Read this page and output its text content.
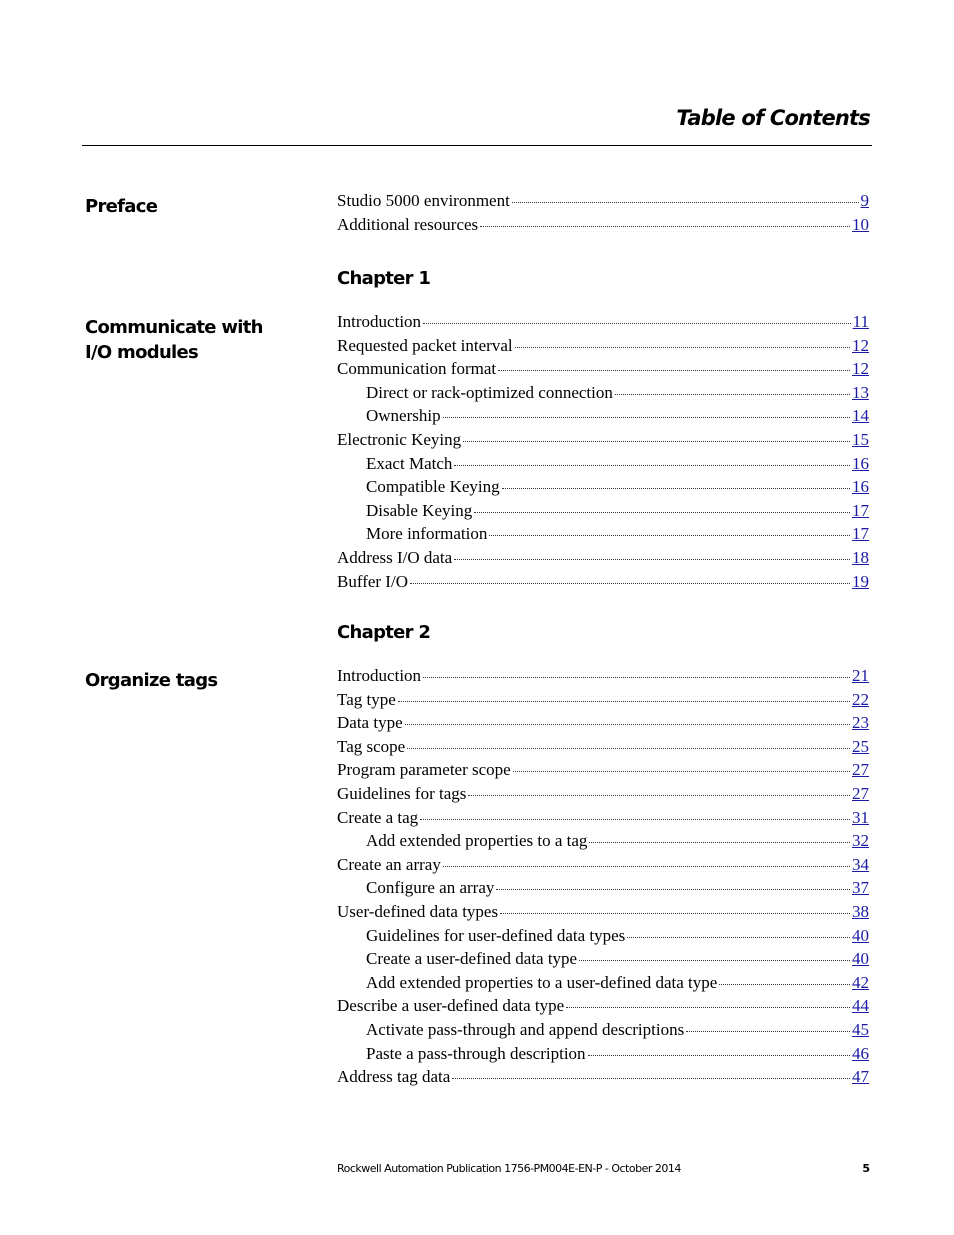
Table of Contents
Preface	Studio 5000 environment	9
Additional resources	10
Chapter 1
Communicate with I/O modules
Introduction	11
Requested packet interval	12
Communication format	12
Direct or rack-optimized connection	13
Ownership	14
Electronic Keying	15
Exact Match	16
Compatible Keying	16
Disable Keying	17
More information	17
Address I/O data	18
Buffer I/O	19
Chapter 2
Organize tags	Introduction	21
Tag type	22
Data type	23
Tag scope	25
Program parameter scope	27
Guidelines for tags	27
Create a tag	31
Add extended properties to a tag	32
Create an array	34
Configure an array	37
User-defined data types	38
Guidelines for user-defined data types	40
Create a user-defined data type	40
Add extended properties to a user-defined data type	42
Describe a user-defined data type	44
Activate pass-through and append descriptions	45
Paste a pass-through description	46
Address tag data	47
Rockwell Automation Publication 1756-PM004E-EN-P - October 2014	5
